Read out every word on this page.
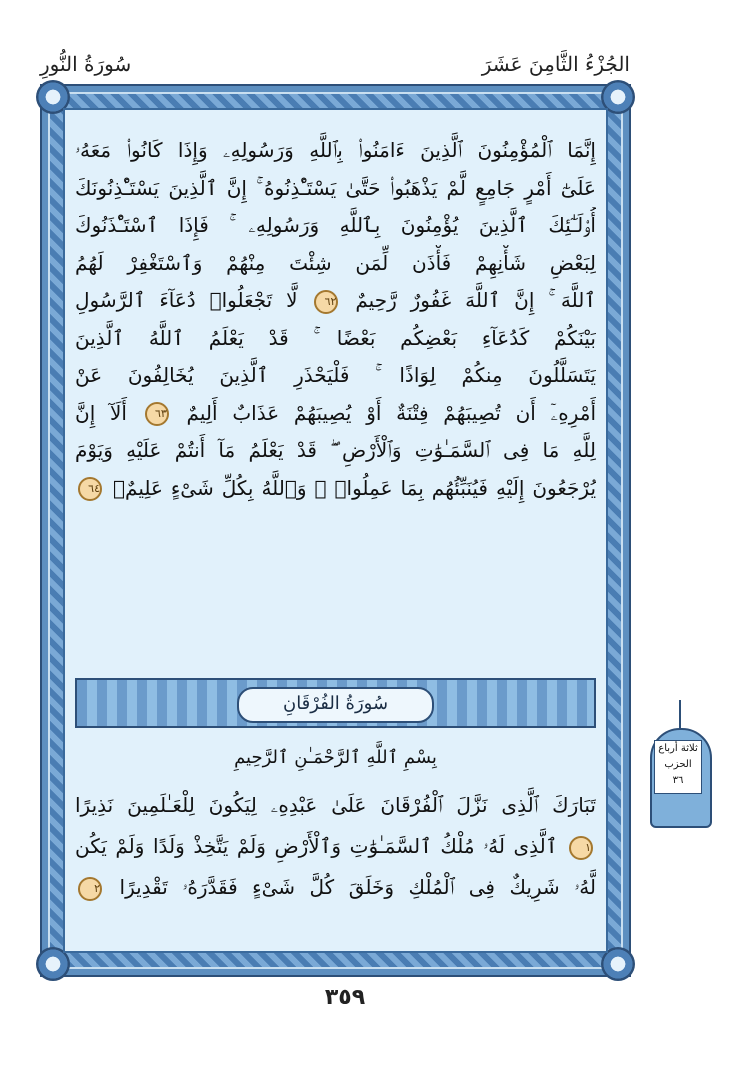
الجُزْءُ الثَّامِنَ عَشَرَ
سُورَةُ النُّورِ
إِنَّمَا ٱلْمُؤْمِنُونَ ٱلَّذِينَ ءَامَنُوا۟ بِٱللَّهِ وَرَسُولِهِۦ وَإِذَا كَانُوا۟ مَعَهُۥ
عَلَىٰٓ أَمْرٍ جَامِعٍ لَّمْ يَذْهَبُوا۟ حَتَّىٰ يَسْتَـْٔذِنُوهُ ۚ إِنَّ ٱلَّذِينَ يَسْتَـْٔذِنُونَكَ
أُو۟لَـٰٓئِكَ ٱلَّذِينَ يُؤْمِنُونَ بِٱللَّهِ وَرَسُولِهِۦ ۚ فَإِذَا ٱسْتَـْٔذَنُوكَ
لِبَعْضِ شَأْنِهِمْ فَأْذَن لِّمَن شِئْتَ مِنْهُمْ وَٱسْتَغْفِرْ لَهُمُ
ٱللَّهَ ۚ إِنَّ ٱللَّهَ غَفُورٌ رَّحِيمٌ ٦٢ لَّا تَجْعَلُوا۟ دُعَآءَ ٱلرَّسُولِ
بَيْنَكُمْ كَدُعَآءِ بَعْضِكُم بَعْضًا ۚ قَدْ يَعْلَمُ ٱللَّهُ ٱلَّذِينَ
يَتَسَلَّلُونَ مِنكُمْ لِوَاذًا ۚ فَلْيَحْذَرِ ٱلَّذِينَ يُخَالِفُونَ عَنْ
أَمْرِهِۦٓ أَن تُصِيبَهُمْ فِتْنَةٌ أَوْ يُصِيبَهُمْ عَذَابٌ أَلِيمٌ ٦٣ أَلَآ إِنَّ
لِلَّهِ مَا فِى ٱلسَّمَـٰوَٰتِ وَٱلْأَرْضِ ۖ قَدْ يَعْلَمُ مَآ أَنتُمْ عَلَيْهِ وَيَوْمَ
يُرْجَعُونَ إِلَيْهِ فَيُنَبِّئُهُم بِمَا عَمِلُوا۟ ۗ وَٱللَّهُ بِكُلِّ شَىْءٍ عَلِيمٌۢ ٦٤
سُورَةُ الفُرْقَانِ
بِسْمِ ٱللَّهِ ٱلرَّحْمَـٰنِ ٱلرَّحِيمِ
تَبَارَكَ ٱلَّذِى نَزَّلَ ٱلْفُرْقَانَ عَلَىٰ عَبْدِهِۦ لِيَكُونَ لِلْعَـٰلَمِينَ نَذِيرًا
١ ٱلَّذِى لَهُۥ مُلْكُ ٱلسَّمَـٰوَٰتِ وَٱلْأَرْضِ وَلَمْ يَتَّخِذْ وَلَدًا وَلَمْ يَكُن
لَّهُۥ شَرِيكٌ فِى ٱلْمُلْكِ وَخَلَقَ كُلَّ شَىْءٍ فَقَدَّرَهُۥ تَقْدِيرًا ٢
ثلاثة أرباع
الحزب
٣٦
٣٥٩
